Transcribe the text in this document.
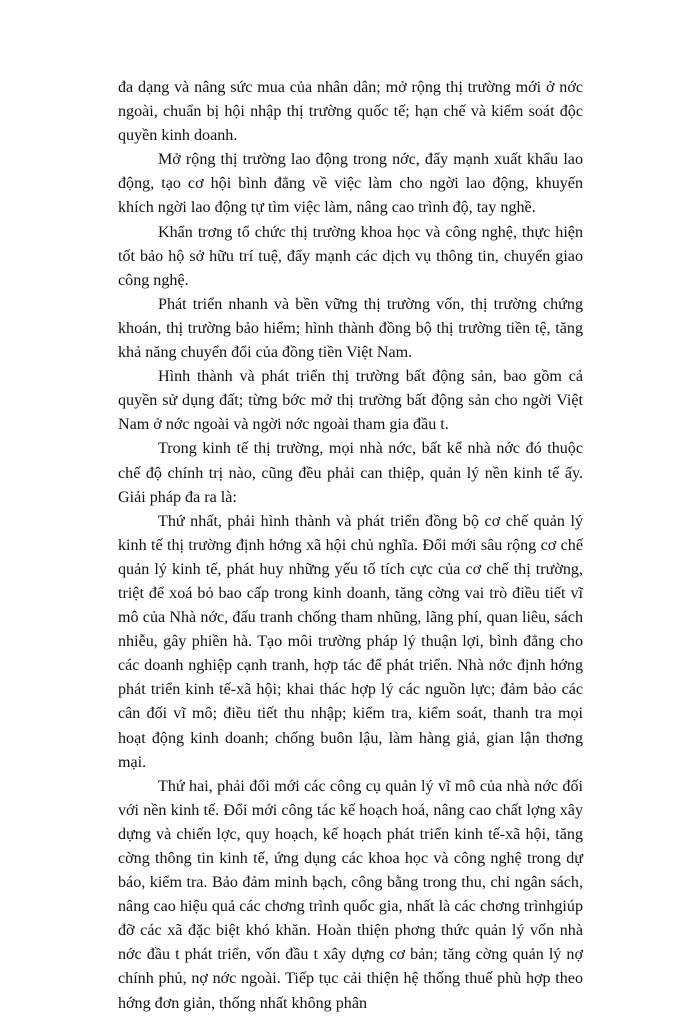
đa dạng và nâng sức mua của nhân dân; mở rộng thị trường mới ở nớc ngoài, chuẩn bị hội nhập thị trường quốc tế; hạn chế và kiểm soát độc quyền kinh doanh.

Mở rộng thị trường lao động trong nớc, đẩy mạnh xuất khẩu lao động, tạo cơ hội bình đẳng về việc làm cho ngời lao động, khuyến khích ngời lao động tự tìm việc làm, nâng cao trình độ, tay nghề.

Khẩn trơng tổ chức thị trường khoa học và công nghệ, thực hiện tốt bảo hộ sở hữu trí tuệ, đẩy mạnh các dịch vụ thông tin, chuyển giao công nghệ.

Phát triển nhanh và bền vững thị trường vốn, thị trường chứng khoán, thị trường bảo hiểm; hình thành đồng bộ thị trường tiền tệ, tăng khả năng chuyển đổi của đồng tiền Việt Nam.

Hình thành và phát triển thị trường bất động sản, bao gồm cả quyền sử dụng đất; từng bớc mở thị trường bất động sản cho ngời Việt Nam ở nớc ngoài và ngời nớc ngoài tham gia đầu t.

Trong kinh tế thị trường, mọi nhà nớc, bất kể nhà nớc đó thuộc chế độ chính trị nào, cũng đều phải can thiệp, quản lý nền kinh tế ấy. Giải pháp đa ra là:

Thứ nhất, phải hình thành và phát triển đồng bộ cơ chế quản lý kinh tế thị trường định hớng xã hội chủ nghĩa. Đổi mới sâu rộng cơ chế quản lý kinh tế, phát huy những yếu tố tích cực của cơ chế thị trường, triệt để xoá bỏ bao cấp trong kinh doanh, tăng cờng vai trò điều tiết vĩ mô của Nhà nớc, đấu tranh chống tham nhũng, lãng phí, quan liêu, sách nhiễu, gây phiền hà. Tạo môi trường pháp lý thuận lợi, bình đẳng cho các doanh nghiệp cạnh tranh, hợp tác để phát triển. Nhà nớc định hớng phát triển kinh tế-xã hội; khai thác hợp lý các nguồn lực; đảm bảo các cân đối vĩ mô; điều tiết thu nhập; kiểm tra, kiểm soát, thanh tra mọi hoạt động kinh doanh; chống buôn lậu, làm hàng giả, gian lận thơng mại.

Thứ hai, phải đổi mới các công cụ quản lý vĩ mô của nhà nớc đối với nền kinh tế. Đổi mới công tác kế hoạch hoá, nâng cao chất lợng xây dựng và chiến lợc, quy hoạch, kế hoạch phát triển kinh tế-xã hội, tăng cờng thông tin kinh tế, ứng dụng các khoa học và công nghệ trong dự báo, kiểm tra. Bảo đảm minh bạch, công bằng trong thu, chi ngân sách, nâng cao hiệu quả các chơng trình quốc gia, nhất là các chơng trìnhgiúp đỡ các xã đặc biệt khó khăn. Hoàn thiện phơng thức quản lý vốn nhà nớc đầu t phát triển, vốn đầu t xây dựng cơ bản; tăng cờng quản lý nợ chính phủ, nợ nớc ngoài. Tiếp tục cải thiện hệ thống thuế phù hợp theo hớng đơn giản, thống nhất không phân
